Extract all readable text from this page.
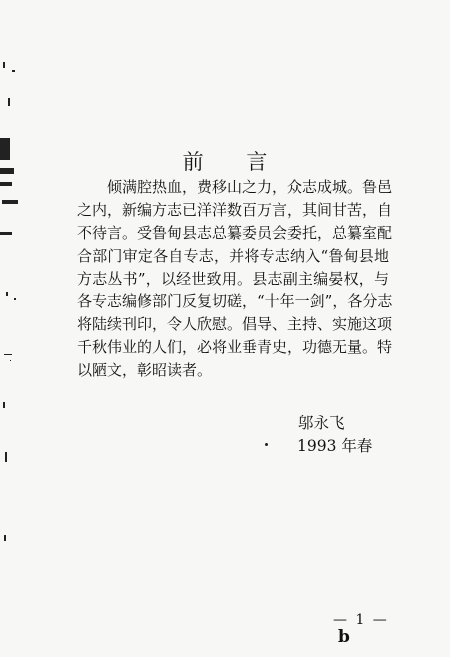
前 言
倾满腔热血，费移山之力，众志成城。鲁邑
之内，新编方志已洋洋数百万言，其间甘苦，自
不待言。受鲁甸县志总纂委员会委托，总纂室配
合部门审定各自专志，并将专志纳入“鲁甸县地
方志丛书”，以经世致用。县志副主编晏权，与
各专志编修部门反复切磋，“十年一剑”，各分志
将陆续刊印，令人欣慰。倡导、主持、实施这项
千秋伟业的人们，必将业垂青史，功德无量。特
以陋文，彰昭读者。
邬永飞
1993 年春
— 1 —
b
